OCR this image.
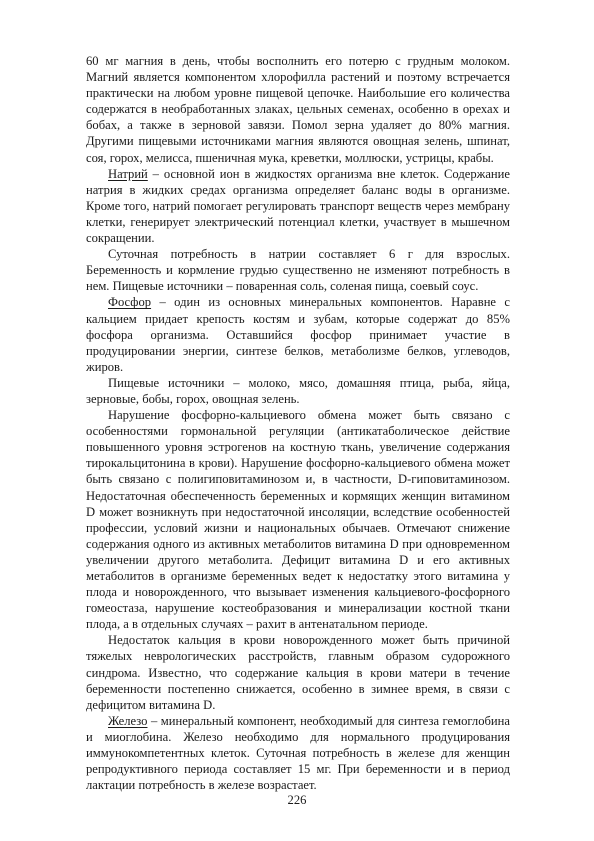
60 мг магния в день, чтобы восполнить его потерю с грудным молоком. Магний является компонентом хлорофилла растений и поэтому встречается практически на любом уровне пищевой цепочке. Наибольшие его количества содержатся в необработанных злаках, цельных семенах, особенно в орехах и бобах, а также в зерновой завязи. Помол зерна удаляет до 80% магния. Другими пищевыми источниками магния являются овощная зелень, шпинат, соя, горох, мелисса, пшеничная мука, креветки, моллюски, устрицы, крабы.

Натрий – основной ион в жидкостях организма вне клеток. Содержание натрия в жидких средах организма определяет баланс воды в организме. Кроме того, натрий помогает регулировать транспорт веществ через мембрану клетки, генерирует электрический потенциал клетки, участвует в мышечном сокращении.

Суточная потребность в натрии составляет 6 г для взрослых. Беременность и кормление грудью существенно не изменяют потребность в нем. Пищевые источники – поваренная соль, соленая пища, соевый соус.

Фосфор – один из основных минеральных компонентов. Наравне с кальцием придает крепость костям и зубам, которые содержат до 85% фосфора организма. Оставшийся фосфор принимает участие в продуцировании энергии, синтезе белков, метаболизме белков, углеводов, жиров.

Пищевые источники – молоко, мясо, домашняя птица, рыба, яйца, зерновые, бобы, горох, овощная зелень.

Нарушение фосфорно-кальциевого обмена может быть связано с особенностями гормональной регуляции (антикатаболическое действие повышенного уровня эстрогенов на костную ткань, увеличение содержания тирокальцитонина в крови). Нарушение фосфорно-кальциевого обмена может быть связано с полигиповитаминозом и, в частности, D-гиповитаминозом. Недостаточная обеспеченность беременных и кормящих женщин витамином D может возникнуть при недостаточной инсоляции, вследствие особенностей профессии, условий жизни и национальных обычаев. Отмечают снижение содержания одного из активных метаболитов витамина D при одновременном увеличении другого метаболита. Дефицит витамина D и его активных метаболитов в организме беременных ведет к недостатку этого витамина у плода и новорожденного, что вызывает изменения кальциевого-фосфорного гомеостаза, нарушение костеобразования и минерализации костной ткани плода, а в отдельных случаях – рахит в антенатальном периоде.

Недостаток кальция в крови новорожденного может быть причиной тяжелых неврологических расстройств, главным образом судорожного синдрома. Известно, что содержание кальция в крови матери в течение беременности постепенно снижается, особенно в зимнее время, в связи с дефицитом витамина D.

Железо – минеральный компонент, необходимый для синтеза гемоглобина и миоглобина. Железо необходимо для нормального продуцирования иммунокомпетентных клеток. Суточная потребность в железе для женщин репродуктивного периода составляет 15 мг. При беременности и в период лактации потребность в железе возрастает.

226
